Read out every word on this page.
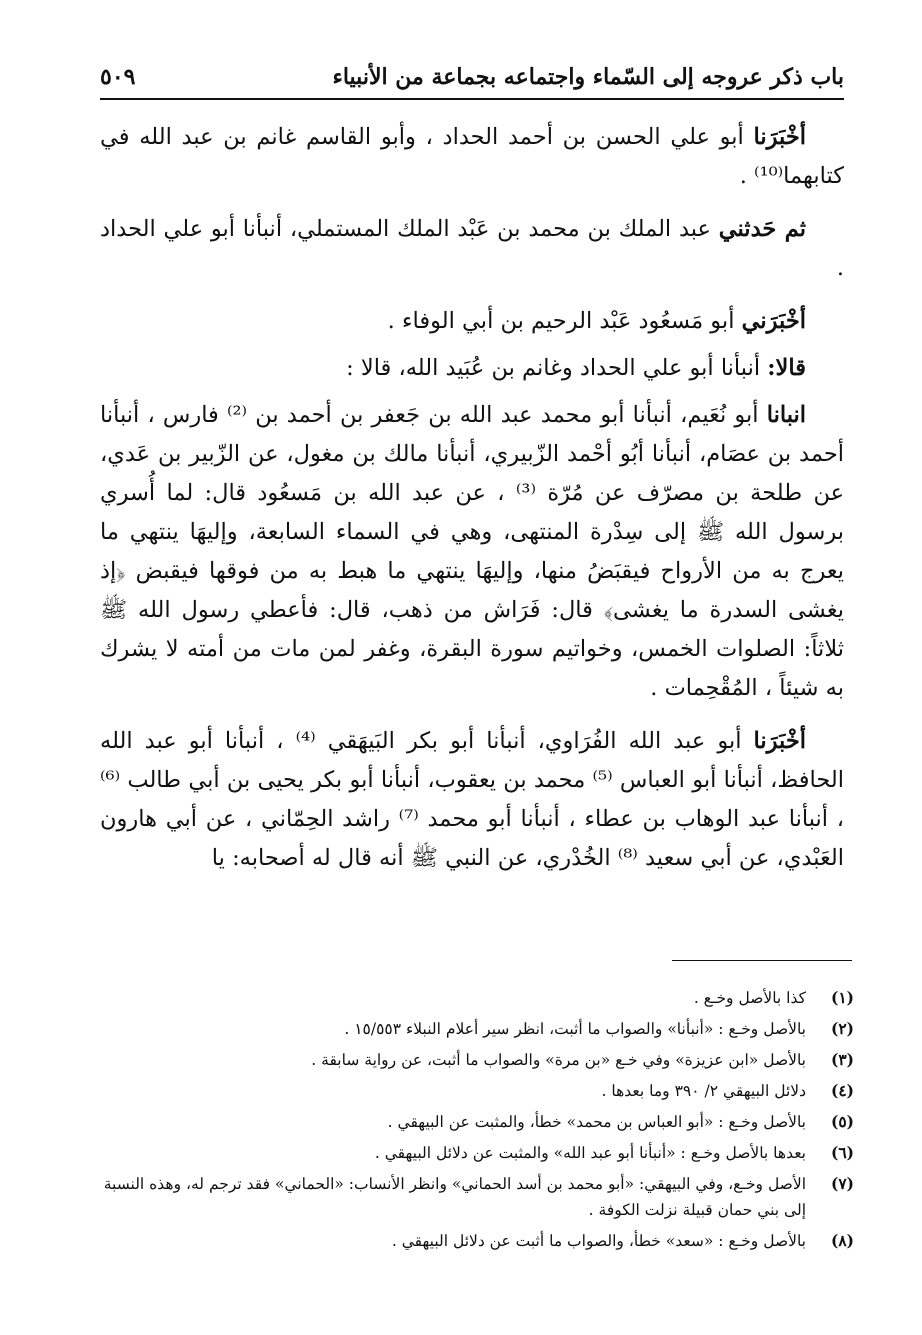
باب ذكر عروجه إلى السّماء واجتماعه بجماعة من الأنبياء
٥٠٩

أخْبَرَنا أبو علي الحسن بن أحمد الحداد ، وأبو القاسم غانم بن عبد الله في كتابهما⁽¹⁰⁾ .

ثم حَدثني عبد الملك بن محمد بن عَبْد الملك المستملي، أنبأنا أبو علي الحداد .

أخْبَرَني أبو مَسعُود عَبْد الرحيم بن أبي الوفاء .

قالا: أنبأنا أبو علي الحداد وغانم بن عُبَيد الله، قالا :

انبانا أبو نُعَيم، أنبأنا أبو محمد عبد الله بن جَعفر بن أحمد بن ⁽²⁾ فارس ، أنبأنا أحمد بن عصَام، أنبأنا أبُو أحْمد الزّبيري، أنبأنا مالك بن مغول، عن الزّبير بن عَدي، عن طلحة بن مصرّف عن مُرّة ⁽³⁾ ، عن عبد الله بن مَسعُود قال: لما أُسري برسول الله ﷺ إلى سِدْرة المنتهى، وهي في السماء السابعة، وإليهَا ينتهي ما يعرج به من الأرواح فيقبَضُ منها، وإليهَا ينتهي ما هبط به من فوقها فيقبض ﴿إذ يغشى السدرة ما يغشى﴾ قال: فَرَاش من ذهب، قال: فأعطي رسول الله ﷺ ثلاثاً: الصلوات الخمس، وخواتيم سورة البقرة، وغفر لمن مات من أمته لا يشرك به شيئاً ، المُقْحِمات .

أخْبَرَنا أبو عبد الله الفُرَاوي، أنبأنا أبو بكر البَيهَقي ⁽⁴⁾ ، أنبأنا أبو عبد الله الحافظ، أنبأنا أبو العباس ⁽⁵⁾ محمد بن يعقوب، أنبأنا أبو بكر يحيى بن أبي طالب ⁽⁶⁾ ، أنبأنا عبد الوهاب بن عطاء ، أنبأنا أبو محمد ⁽⁷⁾ راشد الحِمّاني ، عن أبي هارون العَبْدي، عن أبي سعيد ⁽⁸⁾ الخُدْري، عن النبي ﷺ أنه قال له أصحابه: يا

(١)
كذا بالأصل وخـع .
(٢)
بالأصل وخـع : «أنبأنا» والصواب ما أثبت، انظر سير أعلام النبلاء ١٥/٥٥٣ .
(٣)
بالأصل «ابن عزيزة» وفي خـع «بن مرة» والصواب ما أثبت، عن رواية سابقة .
(٤)
دلائل البيهقي ٢/ ٣٩٠ وما بعدها .
(٥)
بالأصل وخـع : «أبو العباس بن محمد» خطأ، والمثبت عن البيهقي .
(٦)
بعدها بالأصل وخـع : «أنبأنا أبو عبد الله» والمثبت عن دلائل البيهقي .
(٧)
الأصل وخـع، وفي البيهقي: «أبو محمد بن أسد الحماني» وانظر الأنساب: «الحماني» فقد ترجم له، وهذه النسبة إلى بني حمان قبيلة نزلت الكوفة .
(٨)
بالأصل وخـع : «سعد» خطأ، والصواب ما أثبت عن دلائل البيهقي .
